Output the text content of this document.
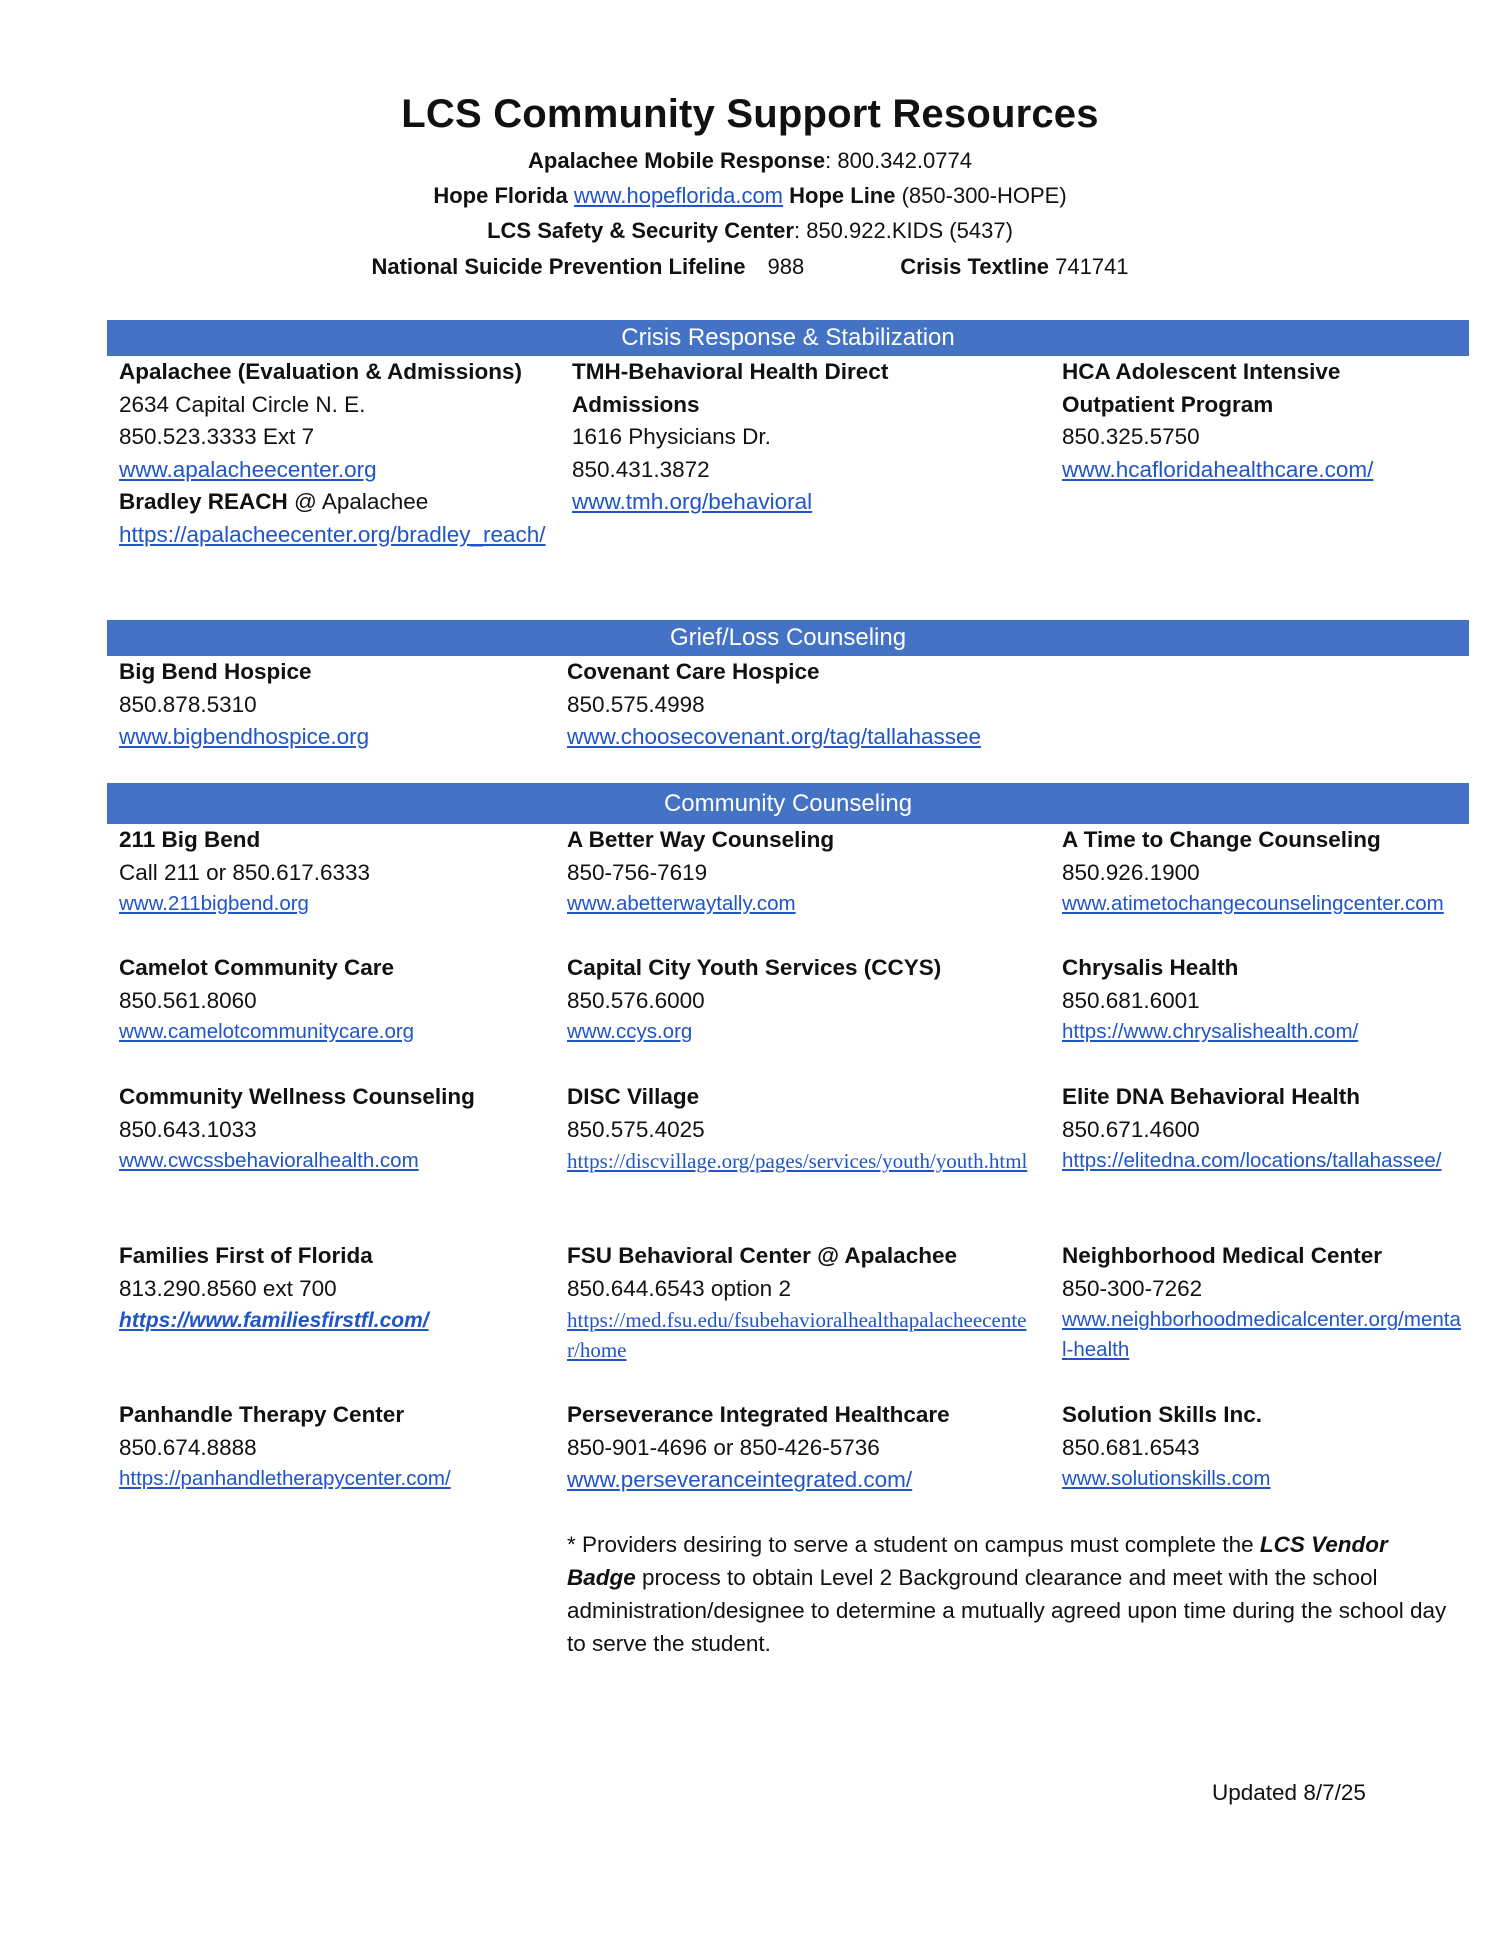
LCS Community Support Resources
Apalachee Mobile Response: 800.342.0774
Hope Florida www.hopeflorida.com Hope Line (850-300-HOPE)
LCS Safety & Security Center: 850.922.KIDS (5437)
National Suicide Prevention Lifeline 988	Crisis Textline 741741
Crisis Response & Stabilization
Apalachee (Evaluation & Admissions)
2634 Capital Circle N. E.
850.523.3333 Ext 7
www.apalacheecenter.org
Bradley REACH @ Apalachee
https://apalacheecenter.org/bradley_reach/
TMH-Behavioral Health Direct
Admissions
1616 Physicians Dr.
850.431.3872
www.tmh.org/behavioral
HCA Adolescent Intensive
Outpatient Program
850.325.5750
www.hcafloridahealthcare.com/
Grief/Loss Counseling
Big Bend Hospice
850.878.5310
www.bigbendhospice.org
Covenant Care Hospice
850.575.4998
www.choosecovenant.org/tag/tallahassee
Community Counseling
211 Big Bend
Call 211 or 850.617.6333
www.211bigbend.org
A Better Way Counseling
850-756-7619
www.abetterwaytally.com
A Time to Change Counseling
850.926.1900
www.atimetochangecounselingcenter.com
Camelot Community Care
850.561.8060
www.camelotcommunitycare.org
Capital City Youth Services (CCYS)
850.576.6000
www.ccys.org
Chrysalis Health
850.681.6001
https://www.chrysalishealth.com/
Community Wellness Counseling
850.643.1033
www.cwcssbehavioralhealth.com
DISC Village
850.575.4025
https://discvillage.org/pages/services/youth/youth.html
Elite DNA Behavioral Health
850.671.4600
https://elitedna.com/locations/tallahassee/
Families First of Florida
813.290.8560 ext 700
https://www.familiesfirstfl.com/
FSU Behavioral Center @ Apalachee
850.644.6543 option 2
https://med.fsu.edu/fsubehavioralhealthapalacheecenter/home
Neighborhood Medical Center
850-300-7262
www.neighborhoodmedicalcenter.org/mental-health
Panhandle Therapy Center
850.674.8888
https://panhandletherapycenter.com/
Perseverance Integrated Healthcare
850-901-4696 or 850-426-5736
www.perseveranceintegrated.com/
Solution Skills Inc.
850.681.6543
www.solutionskills.com
* Providers desiring to serve a student on campus must complete the LCS Vendor Badge process to obtain Level 2 Background clearance and meet with the school administration/designee to determine a mutually agreed upon time during the school day to serve the student.
Updated 8/7/25
